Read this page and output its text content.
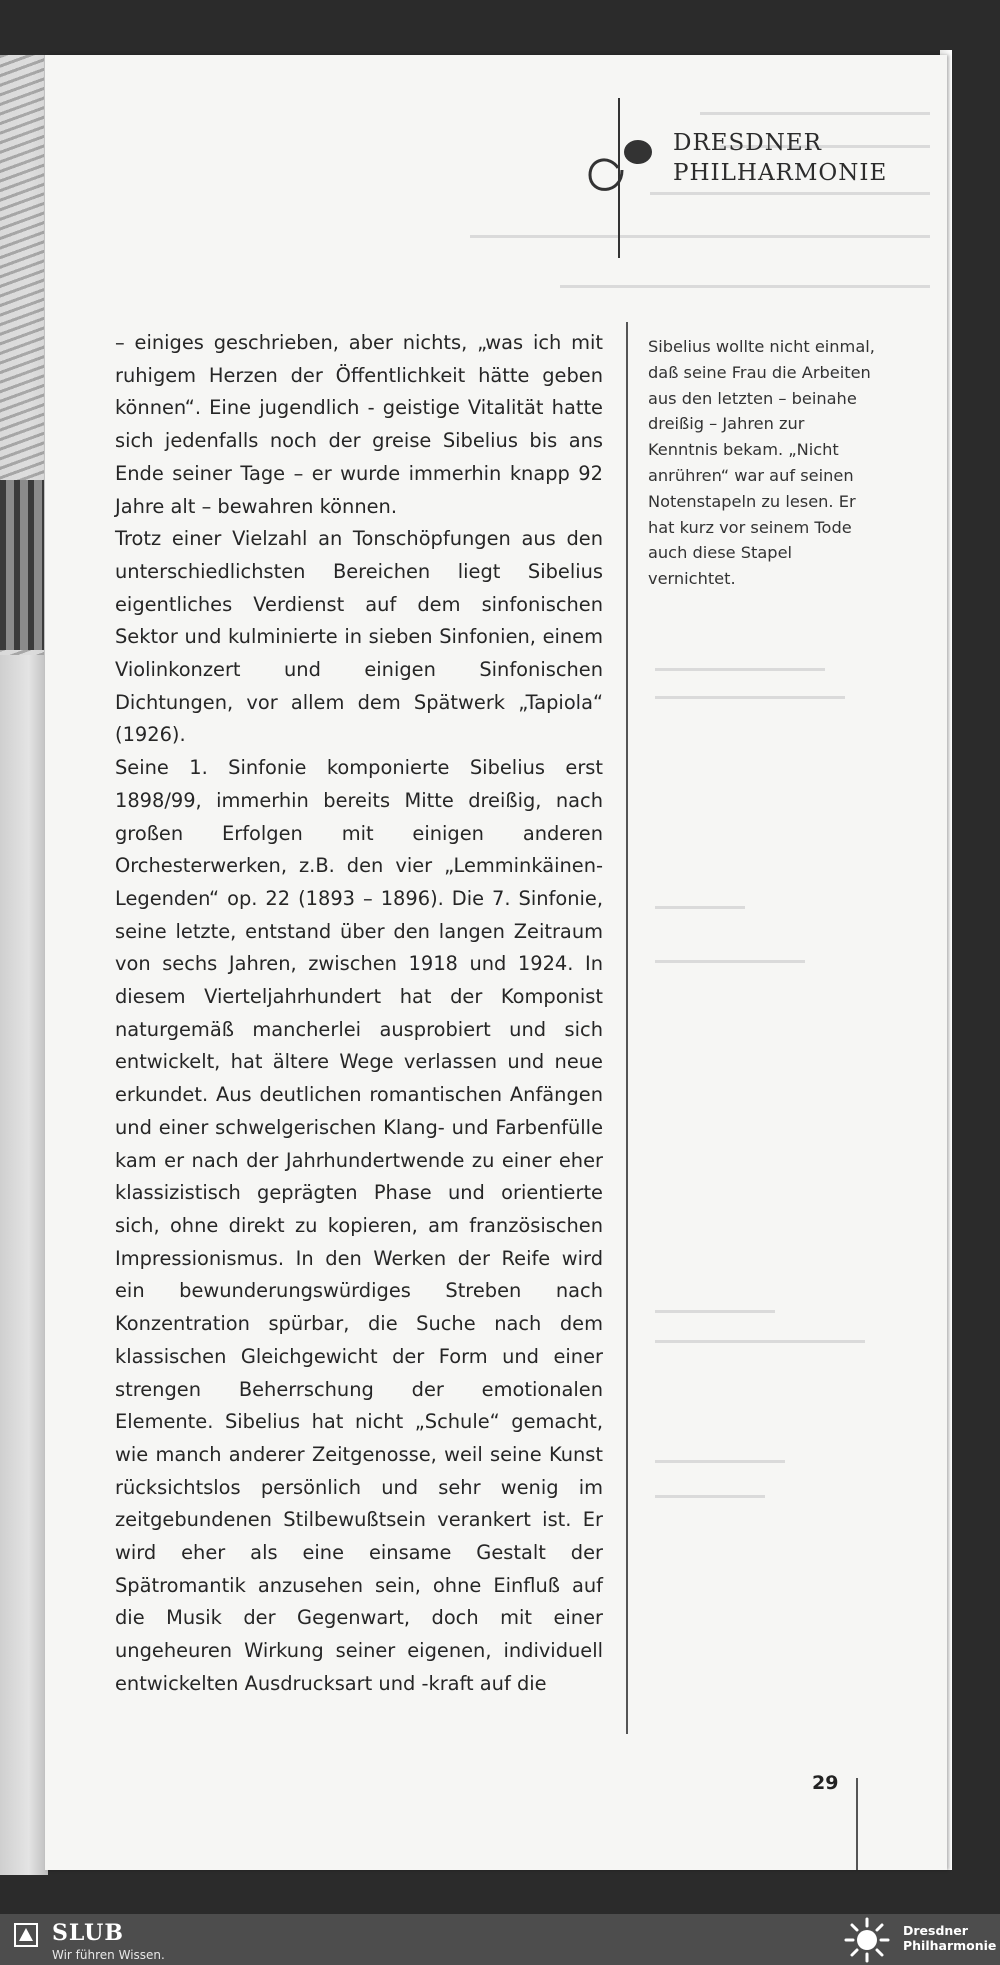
DRESDNER
PHILHARMONIE

– einiges geschrieben, aber nichts, „was ich mit ruhigem Herzen der Öffentlichkeit hätte geben können“. Eine jugendlich - geistige Vitalität hatte sich jedenfalls noch der greise Sibelius bis ans Ende seiner Tage – er wurde immerhin knapp 92 Jahre alt – bewahren können.

Trotz einer Vielzahl an Tonschöpfungen aus den unterschiedlichsten Bereichen liegt Sibelius eigentliches Verdienst auf dem sinfonischen Sektor und kulminierte in sieben Sinfonien, einem Violinkonzert und einigen Sinfonischen Dichtungen, vor allem dem Spätwerk „Tapiola“ (1926).

Seine 1. Sinfonie komponierte Sibelius erst 1898/99, immerhin bereits Mitte dreißig, nach großen Erfolgen mit einigen anderen Orchesterwerken, z.B. den vier „Lemminkäinen-Legenden“ op. 22 (1893 – 1896). Die 7. Sinfonie, seine letzte, entstand über den langen Zeitraum von sechs Jahren, zwischen 1918 und 1924. In diesem Vierteljahrhundert hat der Komponist naturgemäß mancherlei ausprobiert und sich entwickelt, hat ältere Wege verlassen und neue erkundet. Aus deutlichen romantischen Anfängen und einer schwelgerischen Klang- und Farbenfülle kam er nach der Jahrhundertwende zu einer eher klassizistisch geprägten Phase und orientierte sich, ohne direkt zu kopieren, am französischen Impressionismus. In den Werken der Reife wird ein bewunderungswürdiges Streben nach Konzentration spürbar, die Suche nach dem klassischen Gleichgewicht der Form und einer strengen Beherrschung der emotionalen Elemente. Sibelius hat nicht „Schule“ gemacht, wie manch anderer Zeitgenosse, weil seine Kunst rücksichtslos persönlich und sehr wenig im zeitgebundenen Stilbewußtsein verankert ist. Er wird eher als eine einsame Gestalt der Spätromantik anzusehen sein, ohne Einfluß auf die Musik der Gegenwart, doch mit einer ungeheuren Wirkung seiner eigenen, individuell entwickelten Ausdrucksart und -kraft auf die

Sibelius wollte nicht einmal, daß seine Frau die Arbeiten aus den letzten – beinahe dreißig – Jahren zur Kenntnis bekam. „Nicht anrühren“ war auf seinen Notenstapeln zu lesen. Er hat kurz vor seinem Tode auch diese Stapel vernichtet.
29
SLUB
Wir führen Wissen.
Dresdner
Philharmonie
